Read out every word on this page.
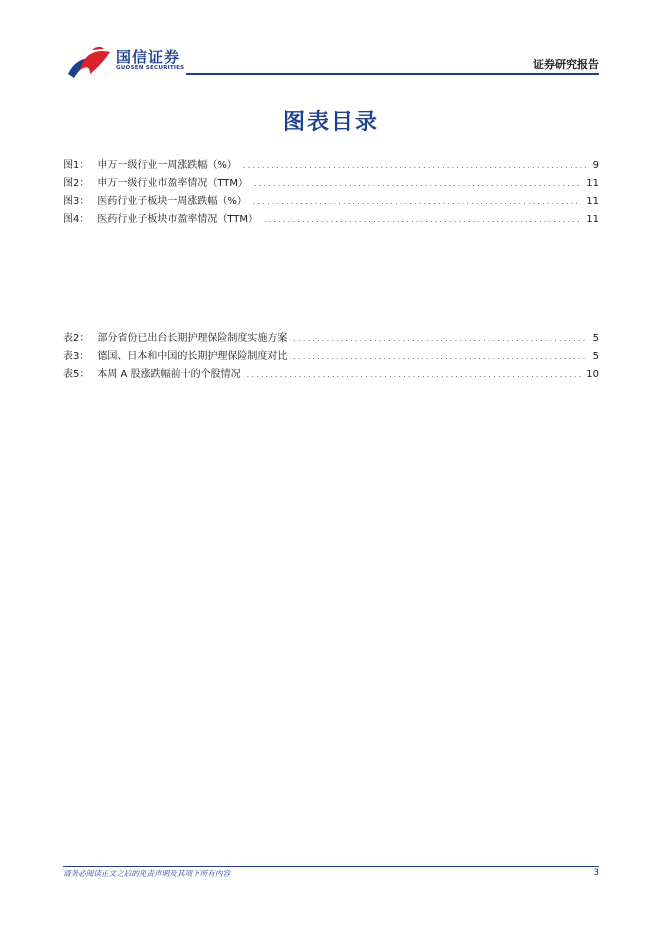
国信证券
GUOSEN SECURITIES	证券研究报告
图表目录
图1： 申万一级行业一周涨跌幅（%） .....	9
图2： 申万一级行业市盈率情况（TTM） .....	11
图3： 医药行业子板块一周涨跌幅（%） .....	11
图4： 医药行业子板块市盈率情况（TTM） .....	11
表2： 部分省份已出台长期护理保险制度实施方案 .....	5
表3： 德国、日本和中国的长期护理保险制度对比 .....	5
表5： 本周 A 股涨跌幅前十的个股情况 .....	10
请务必阅读正文之后的免责声明及其项下所有内容	3
